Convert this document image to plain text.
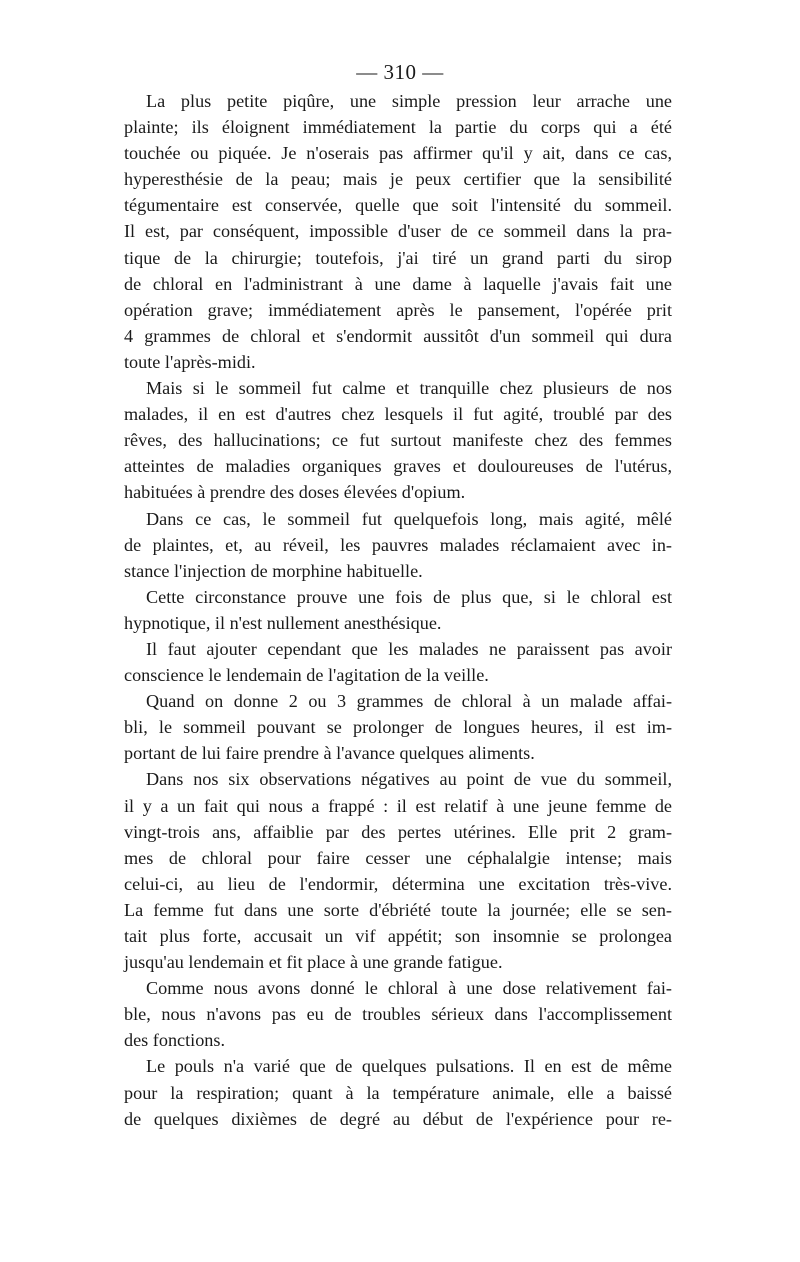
— 310 —
La plus petite piqûre, une simple pression leur arrache une
plainte; ils éloignent immédiatement la partie du corps qui a été
touchée ou piquée. Je n'oserais pas affirmer qu'il y ait, dans ce cas,
hyperesthésie de la peau; mais je peux certifier que la sensibilité
tégumentaire est conservée, quelle que soit l'intensité du sommeil.
Il est, par conséquent, impossible d'user de ce sommeil dans la pra-
tique de la chirurgie; toutefois, j'ai tiré un grand parti du sirop
de chloral en l'administrant à une dame à laquelle j'avais fait une
opération grave; immédiatement après le pansement, l'opérée prit
4 grammes de chloral et s'endormit aussitôt d'un sommeil qui dura
toute l'après-midi.
Mais si le sommeil fut calme et tranquille chez plusieurs de nos
malades, il en est d'autres chez lesquels il fut agité, troublé par des
rêves, des hallucinations; ce fut surtout manifeste chez des femmes
atteintes de maladies organiques graves et douloureuses de l'utérus,
habituées à prendre des doses élevées d'opium.
Dans ce cas, le sommeil fut quelquefois long, mais agité, mêlé
de plaintes, et, au réveil, les pauvres malades réclamaient avec in-
stance l'injection de morphine habituelle.
Cette circonstance prouve une fois de plus que, si le chloral est
hypnotique, il n'est nullement anesthésique.
Il faut ajouter cependant que les malades ne paraissent pas avoir
conscience le lendemain de l'agitation de la veille.
Quand on donne 2 ou 3 grammes de chloral à un malade affai-
bli, le sommeil pouvant se prolonger de longues heures, il est im-
portant de lui faire prendre à l'avance quelques aliments.
Dans nos six observations négatives au point de vue du sommeil,
il y a un fait qui nous a frappé : il est relatif à une jeune femme de
vingt-trois ans, affaiblie par des pertes utérines. Elle prit 2 gram-
mes de chloral pour faire cesser une céphalalgie intense; mais
celui-ci, au lieu de l'endormir, détermina une excitation très-vive.
La femme fut dans une sorte d'ébriété toute la journée; elle se sen-
tait plus forte, accusait un vif appétit; son insomnie se prolongea
jusqu'au lendemain et fit place à une grande fatigue.
Comme nous avons donné le chloral à une dose relativement fai-
ble, nous n'avons pas eu de troubles sérieux dans l'accomplissement
des fonctions.
Le pouls n'a varié que de quelques pulsations. Il en est de même
pour la respiration; quant à la température animale, elle a baissé
de quelques dixièmes de degré au début de l'expérience pour re-
